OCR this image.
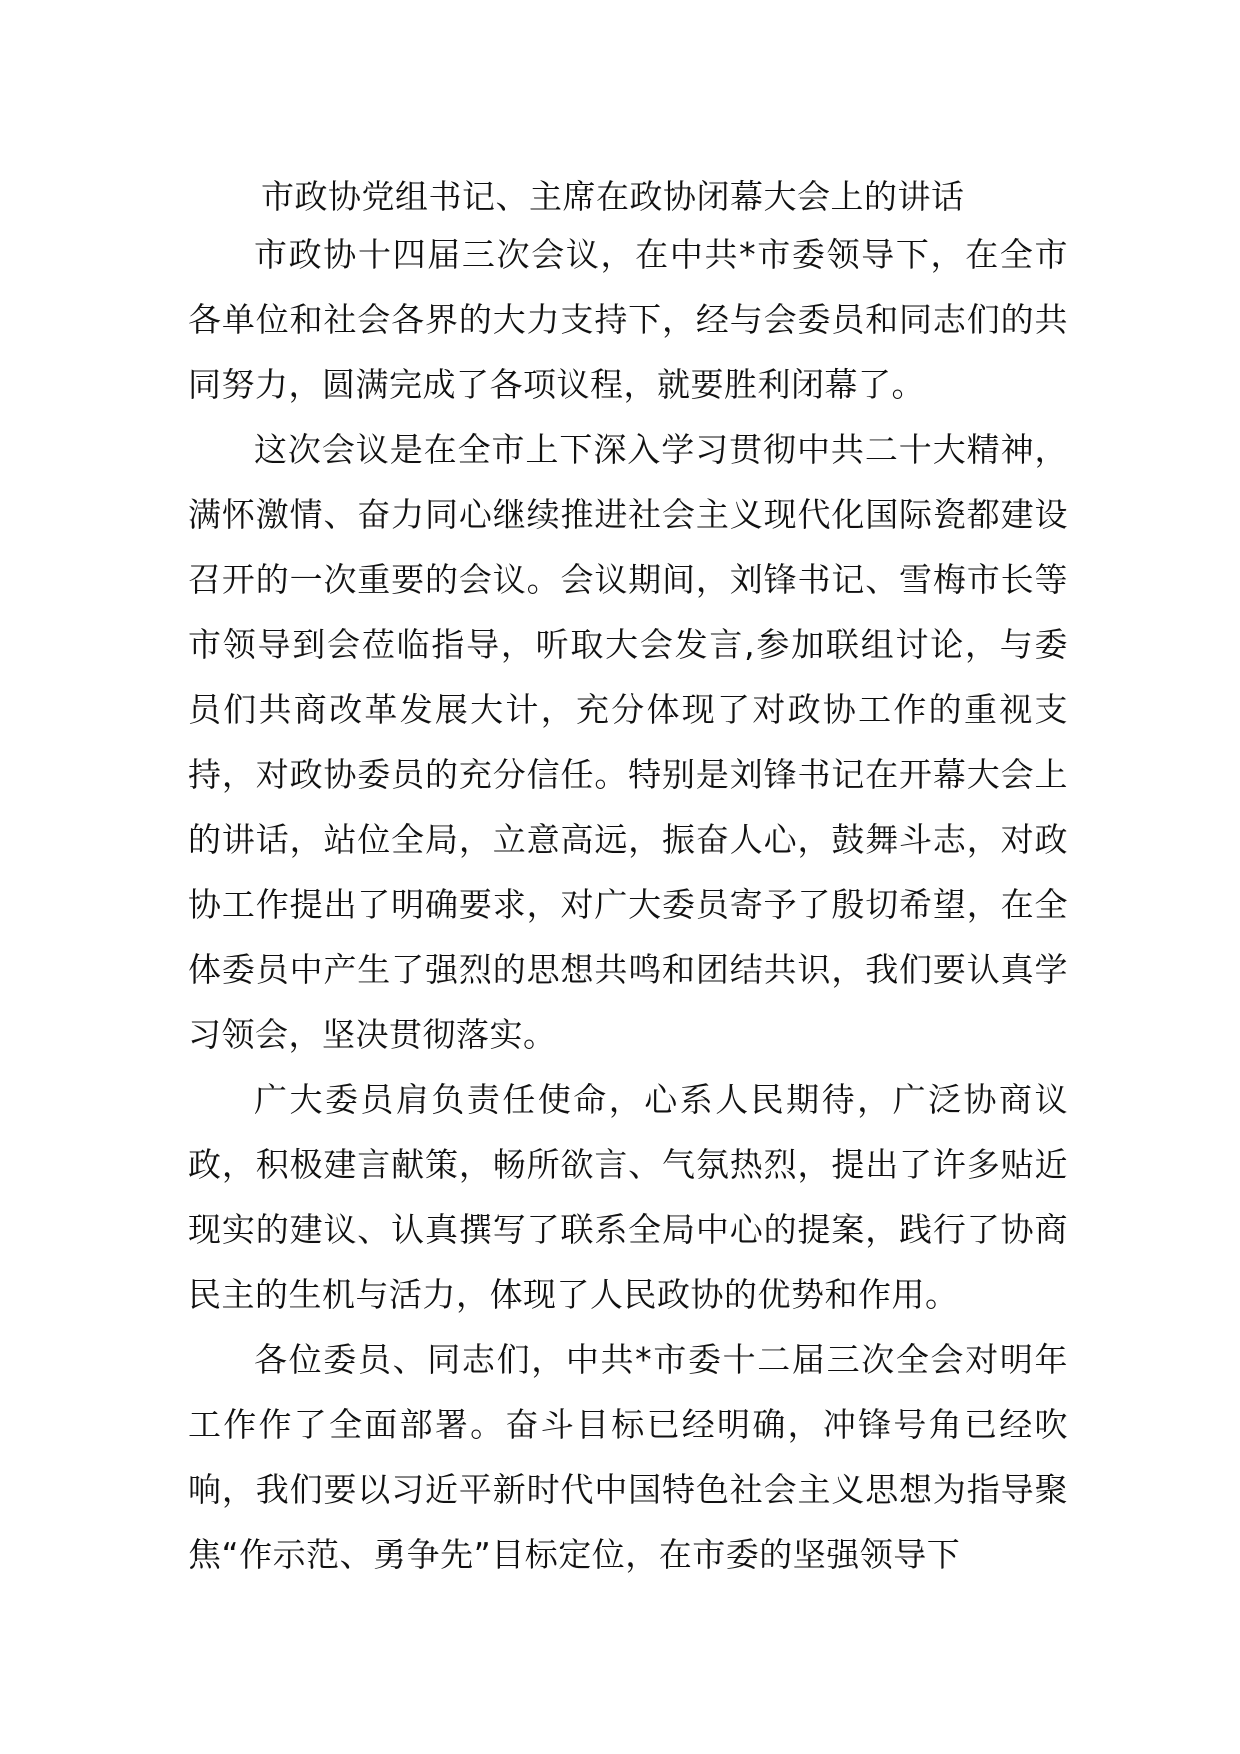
市政协党组书记、主席在政协闭幕大会上的讲话

市政协十四届三次会议，在中共*市委领导下，在全市各单位和社会各界的大力支持下，经与会委员和同志们的共同努力，圆满完成了各项议程，就要胜利闭幕了。

这次会议是在全市上下深入学习贯彻中共二十大精神，满怀激情、奋力同心继续推进社会主义现代化国际瓷都建设召开的一次重要的会议。会议期间，刘锋书记、雪梅市长等市领导到会莅临指导，听取大会发言,参加联组讨论，与委员们共商改革发展大计，充分体现了对政协工作的重视支持，对政协委员的充分信任。特别是刘锋书记在开幕大会上的讲话，站位全局，立意高远，振奋人心，鼓舞斗志，对政协工作提出了明确要求，对广大委员寄予了殷切希望，在全体委员中产生了强烈的思想共鸣和团结共识，我们要认真学习领会，坚决贯彻落实。

广大委员肩负责任使命，心系人民期待，广泛协商议政，积极建言献策，畅所欲言、气氛热烈，提出了许多贴近现实的建议、认真撰写了联系全局中心的提案，践行了协商民主的生机与活力，体现了人民政协的优势和作用。

各位委员、同志们，中共*市委十二届三次全会对明年工作作了全面部署。奋斗目标已经明确，冲锋号角已经吹响，我们要以习近平新时代中国特色社会主义思想为指导聚焦“作示范、勇争先”目标定位，在市委的坚强领导下
